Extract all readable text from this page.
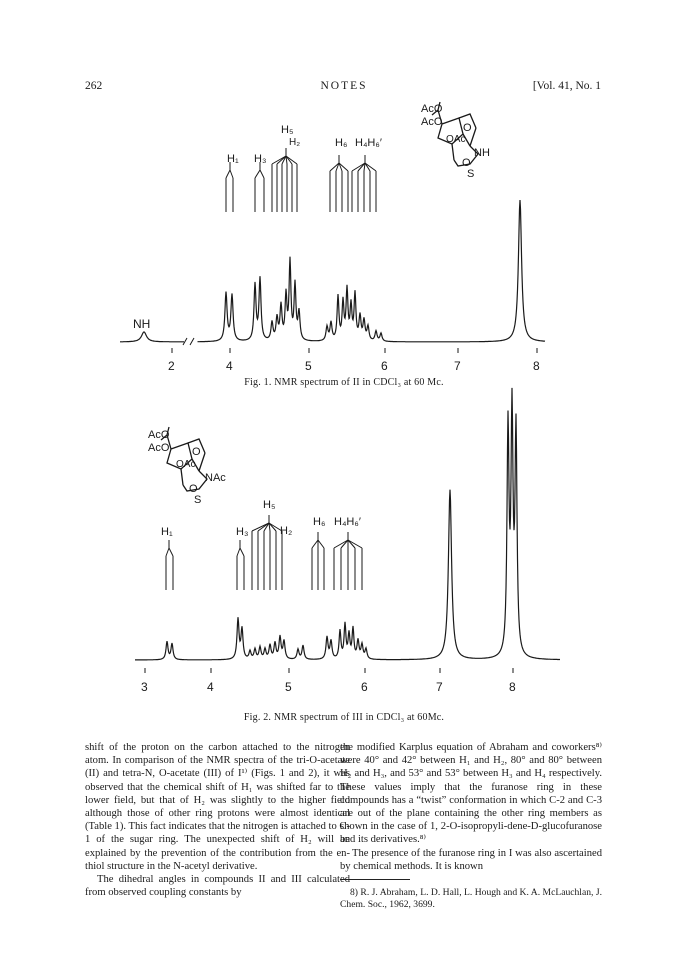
262	NOTES	[Vol. 41, No. 1
AcO
AcO O
OAc
NH
O
S
H₅
H₂
H₁ H₃
H₆ H₄H₆′
NH
2	4	5	6	7	8
Fig. 1. NMR spectrum of II in CDCl₃ at 60 Mc.
AcO
AcO O
OAc
NAc
O
S	H₅
H₁	H₃	H₂
H₆ H₄H₆′
3	4	5	6	7	8
Fig. 2. NMR spectrum of III in CDCl₃ at 60Mc.

shift of the proton on the carbon attached to the nitrogen atom. In comparison of the NMR spectra of the tri-O-acetate (II) and tetra-N, O-acetate (III) of I¹⁾ (Figs. 1 and 2), it was observed that the chemical shift of H₁ was shifted far to the lower field, but that of H₂ was slightly to the higher field although those of other ring protons were almost identical (Table 1). This fact indicates that the nitrogen is attached to C-1 of the sugar ring. The unexpected shift of H₂ will be explained by the prevention of the contribution from the en-thiol structure in the N-acetyl derivative.

The dihedral angles in compounds II and III calculated from observed coupling constants by

the modified Karplus equation of Abraham and coworkers⁸⁾ were 40° and 42° between H₁ and H₂, 80° and 80° between H₂ and H₃, and 53° and 53° between H₃ and H₄ respectively. These values imply that the furanose ring in these compounds has a “twist” conformation in which C-2 and C-3 are out of the plane containing the other ring members as shown in the case of 1, 2-O-isopropyli-dene-D-glucofuranose and its derivatives.⁸⁾

The presence of the furanose ring in I was also ascertained by chemical methods. It is known

8) R. J. Abraham, L. D. Hall, L. Hough and K. A. McLauchlan, J. Chem. Soc., 1962, 3699.
